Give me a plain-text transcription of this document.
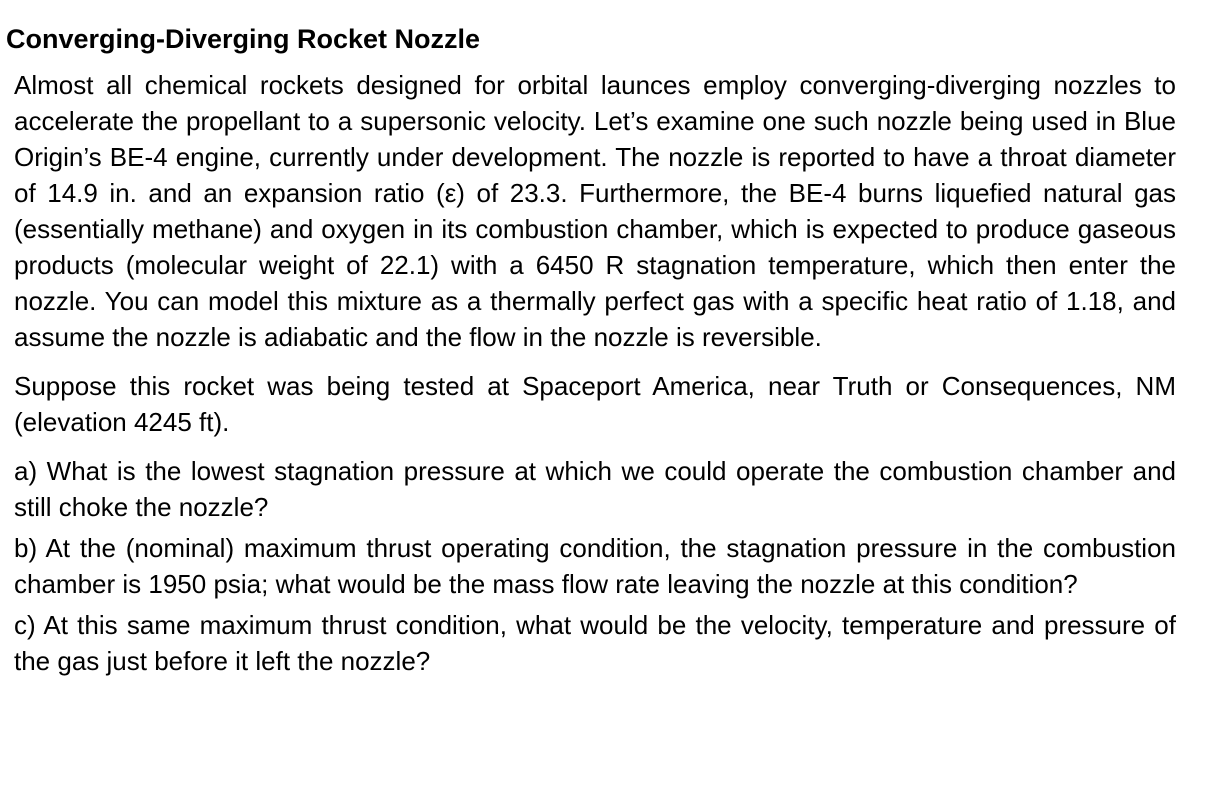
Converging-Diverging Rocket Nozzle

Almost all chemical rockets designed for orbital launces employ converging-diverging nozzles to accelerate the propellant to a supersonic velocity. Let’s examine one such nozzle being used in Blue Origin’s BE-4 engine, currently under development. The nozzle is reported to have a throat diameter of 14.9 in. and an expansion ratio (ε) of 23.3. Furthermore, the BE-4 burns liquefied natural gas (essentially methane) and oxygen in its combustion chamber, which is expected to produce gaseous products (molecular weight of 22.1) with a 6450 R stagnation temperature, which then enter the nozzle. You can model this mixture as a thermally perfect gas with a specific heat ratio of 1.18, and assume the nozzle is adiabatic and the flow in the nozzle is reversible.

Suppose this rocket was being tested at Spaceport America, near Truth or Consequences, NM (elevation 4245 ft).

a) What is the lowest stagnation pressure at which we could operate the combustion chamber and still choke the nozzle?

b) At the (nominal) maximum thrust operating condition, the stagnation pressure in the combustion chamber is 1950 psia; what would be the mass flow rate leaving the nozzle at this condition?

c) At this same maximum thrust condition, what would be the velocity, temperature and pressure of the gas just before it left the nozzle?
